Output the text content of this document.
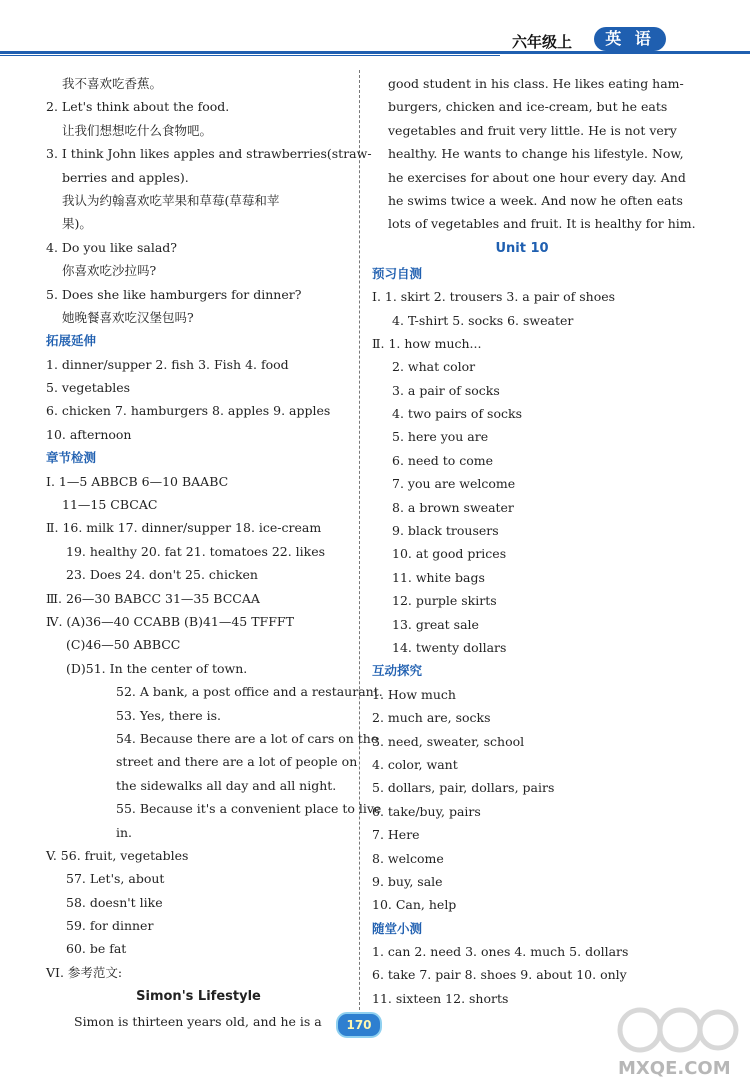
六年级上	英 语
我不喜欢吃香蕉。
2. Let's think about the food.
让我们想想吃什么食物吧。
3. I think John likes apples and strawberries(straw-
berries and apples).
我认为约翰喜欢吃苹果和草莓(草莓和苹
果)。
4. Do you like salad?
你喜欢吃沙拉吗?
5. Does she like hamburgers for dinner?
她晚餐喜欢吃汉堡包吗?
拓展延伸
1. dinner/supper 2. fish 3. Fish 4. food
5. vegetables
6. chicken 7. hamburgers 8. apples 9. apples
10. afternoon
章节检测
I. 1—5 ABBCB 6—10 BAABC
11—15 CBCAC
Ⅱ. 16. milk 17. dinner/supper 18. ice-cream
19. healthy 20. fat 21. tomatoes 22. likes
23. Does 24. don't 25. chicken
Ⅲ. 26—30 BABCC 31—35 BCCAA
Ⅳ. (A)36—40 CCABB (B)41—45 TFFFT
(C)46—50 ABBCC
(D)51. In the center of town.
52. A bank, a post office and a restaurant.
53. Yes, there is.
54. Because there are a lot of cars on the
street and there are a lot of people on
the sidewalks all day and all night.
55. Because it's a convenient place to live
in.
V. 56. fruit, vegetables
57. Let's, about
58. doesn't like
59. for dinner
60. be fat
VI. 参考范文:
Simon's Lifestyle
Simon is thirteen years old, and he is a
good student in his class. He likes eating ham-
burgers, chicken and ice-cream, but he eats
vegetables and fruit very little. He is not very
healthy. He wants to change his lifestyle. Now,
he exercises for about one hour every day. And
he swims twice a week. And now he often eats
lots of vegetables and fruit. It is healthy for him.
Unit 10
预习自测
I. 1. skirt 2. trousers 3. a pair of shoes
4. T-shirt 5. socks 6. sweater
Ⅱ. 1. how much...
2. what color
3. a pair of socks
4. two pairs of socks
5. here you are
6. need to come
7. you are welcome
8. a brown sweater
9. black trousers
10. at good prices
11. white bags
12. purple skirts
13. great sale
14. twenty dollars
互动探究
1. How much
2. much are, socks
3. need, sweater, school
4. color, want
5. dollars, pair, dollars, pairs
6. take/buy, pairs
7. Here
8. welcome
9. buy, sale
10. Can, help
随堂小测
1. can 2. need 3. ones 4. much 5. dollars
6. take 7. pair 8. shoes 9. about 10. only
11. sixteen 12. shorts
170
MXQE.COM
